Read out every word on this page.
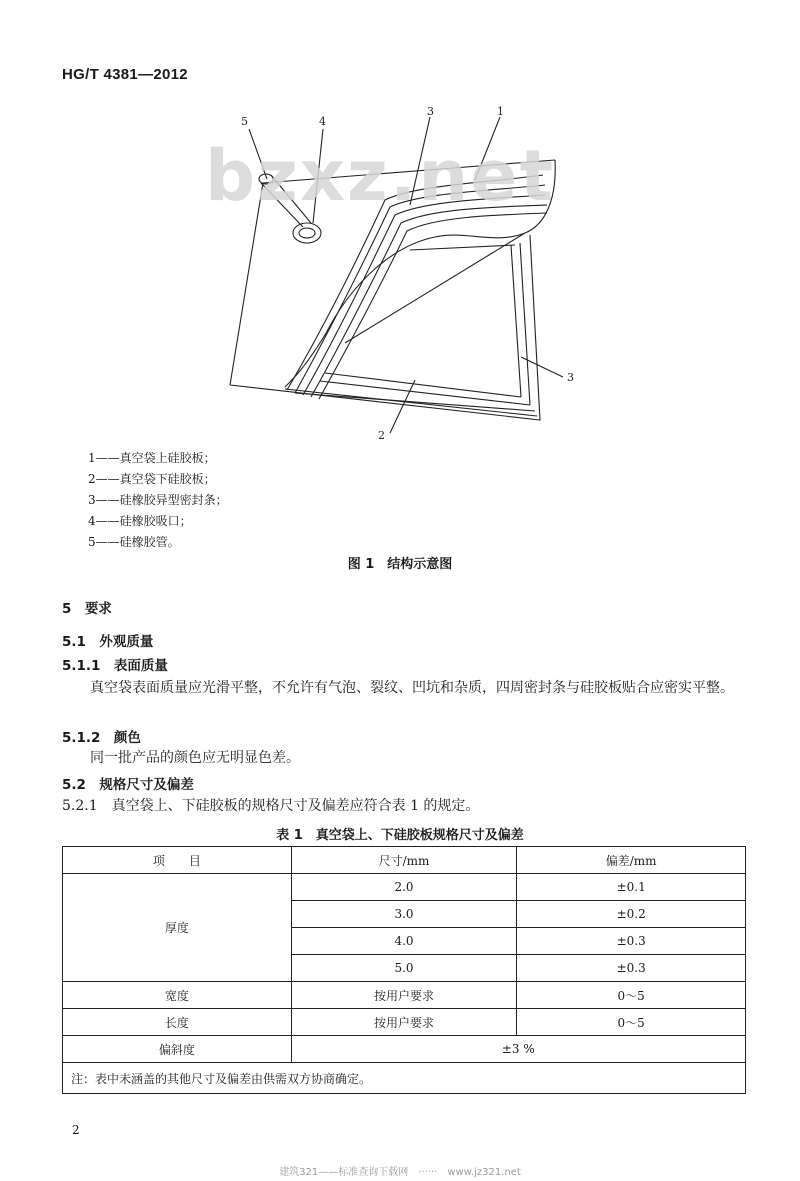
HG/T 4381—2012
5	4
3	1
3
2
bzxz.net
1——真空袋上硅胶板；
2——真空袋下硅胶板；
3——硅橡胶异型密封条；
4——硅橡胶吸口；
5——硅橡胶管。
图 1　结构示意图
5　要求
5.1　外观质量
5.1.1　表面质量
真空袋表面质量应光滑平整，不允许有气泡、裂纹、凹坑和杂质，四周密封条与硅胶板贴合应密实平整。
5.1.2　颜色
同一批产品的颜色应无明显色差。
5.2　规格尺寸及偏差
5.2.1　真空袋上、下硅胶板的规格尺寸及偏差应符合表 1 的规定。
表 1　真空袋上、下硅胶板规格尺寸及偏差
项　　目	尺寸/mm	偏差/mm
厚度	2.0	±0.1
	3.0	±0.2
	4.0	±0.3
	5.0	±0.3
宽度	按用户要求	0～5
长度	按用户要求	0～5
偏斜度	±3 %	
注：表中未涵盖的其他尺寸及偏差由供需双方协商确定。		
2
建筑321——标准查询下载网　······　www.jz321.net
